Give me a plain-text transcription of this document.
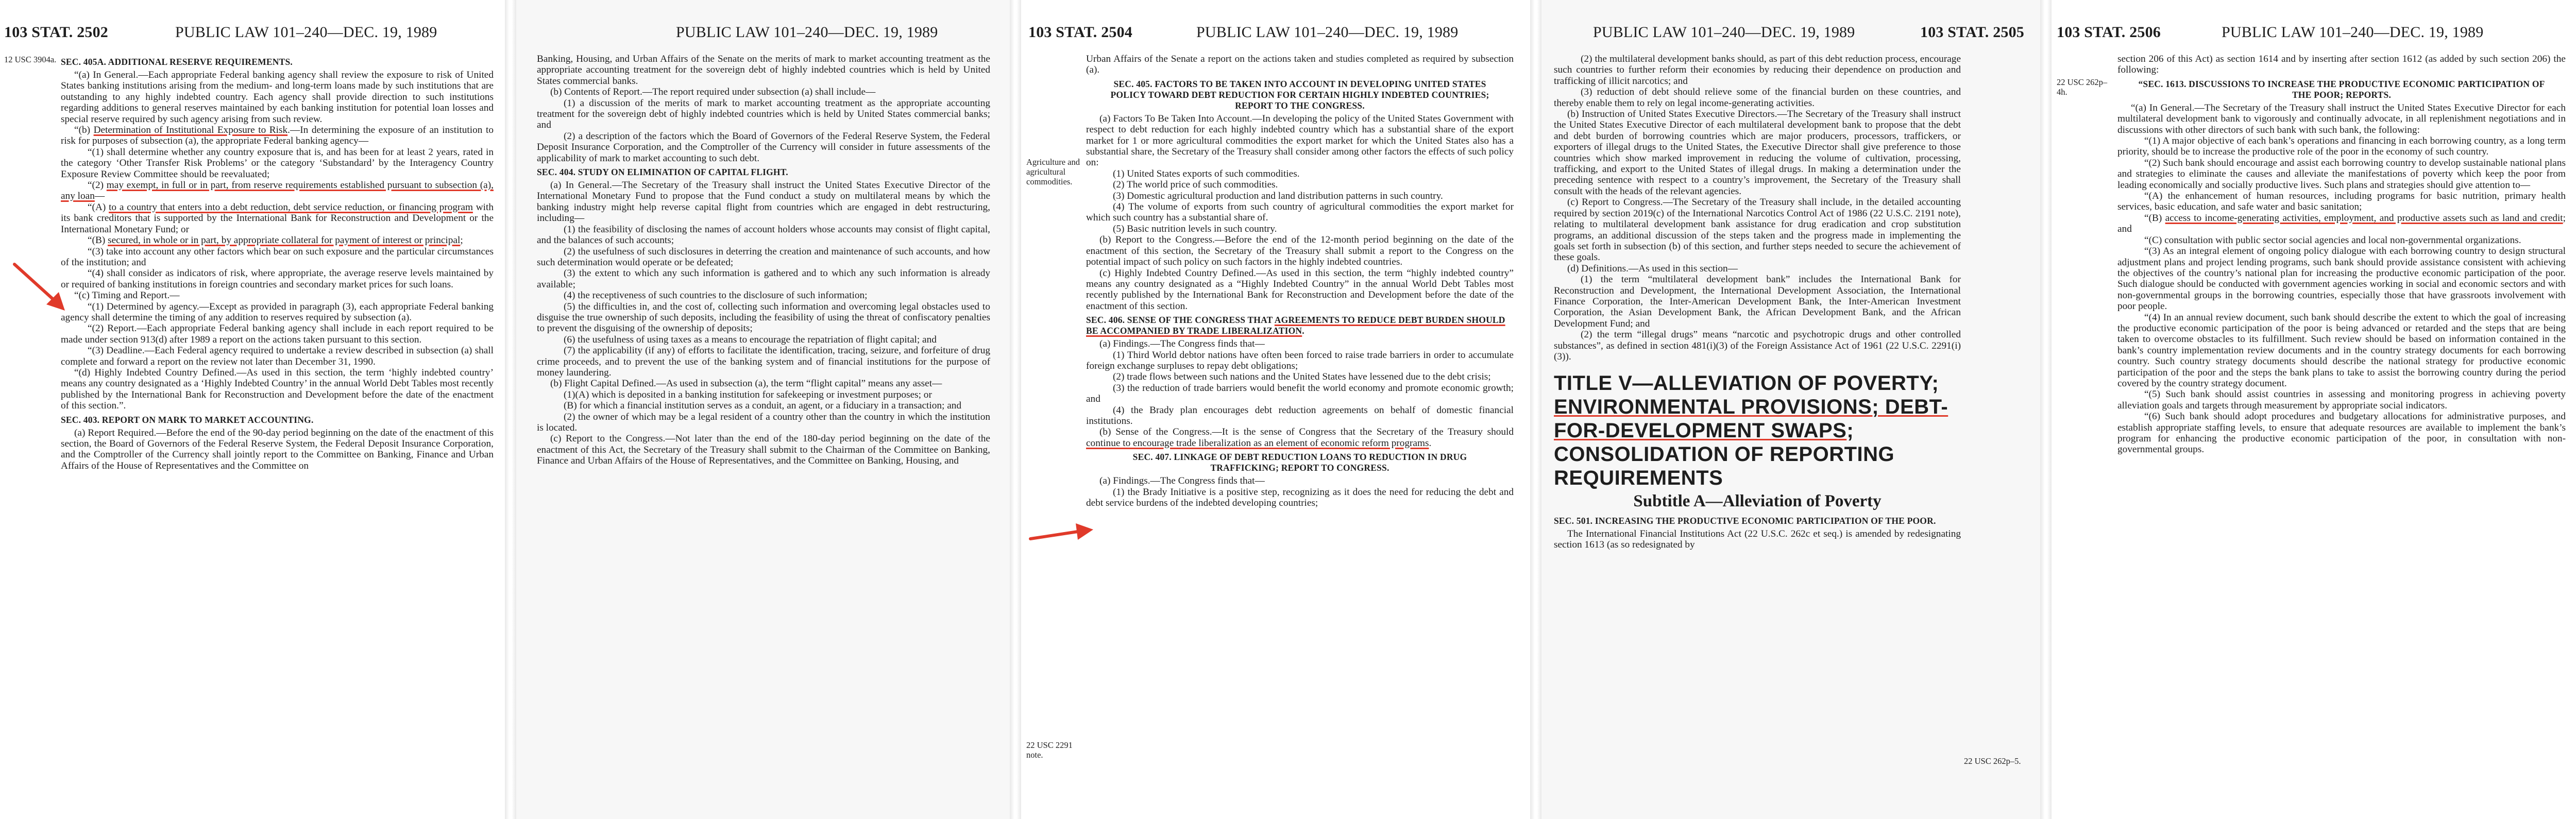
103 STAT. 2502	PUBLIC LAW 101–240—DEC. 19, 1989
12 USC 3904a. SEC. 405A. ADDITIONAL RESERVE REQUIREMENTS.

“(a) In General.—Each appropriate Federal banking agency shall review the exposure to risk of United States banking institutions arising from the medium- and long-term loans made by such institutions that are outstanding to any highly indebted country. Each agency shall provide direction to such institutions regarding additions to general reserves maintained by each banking institution for potential loan losses and special reserve required by such agency arising from such review.

“(b) Determination of Institutional Exposure to Risk.—In determining the exposure of an institution to risk for purposes of subsection (a), the appropriate Federal banking agency—

“(1) shall determine whether any country exposure that is, and has been for at least 2 years, rated in the category ‘Other Transfer Risk Problems’ or the category ‘Substandard’ by the Interagency Country Exposure Review Committee should be reevaluated;

“(2) may exempt, in full or in part, from reserve requirements established pursuant to subsection (a), any loan—

“(A) to a country that enters into a debt reduction, debt service reduction, or financing program with its bank creditors that is supported by the International Bank for Reconstruction and Development or the International Monetary Fund; or

“(B) secured, in whole or in part, by appropriate collateral for payment of interest or principal;

“(3) take into account any other factors which bear on such exposure and the particular circumstances of the institution; and

“(4) shall consider as indicators of risk, where appropriate, the average reserve levels maintained by or required of banking institutions in foreign countries and secondary market prices for such loans.

“(c) Timing and Report.—

“(1) Determined by agency.—Except as provided in paragraph (3), each appropriate Federal banking agency shall determine the timing of any addition to reserves required by subsection (a).

“(2) Report.—Each appropriate Federal banking agency shall include in each report required to be made under section 913(d) after 1989 a report on the actions taken pursuant to this section.

“(3) Deadline.—Each Federal agency required to undertake a review described in subsection (a) shall complete and forward a report on the review not later than December 31, 1990.

“(d) Highly Indebted Country Defined.—As used in this section, the term ‘highly indebted country’ means any country designated as a ‘Highly Indebted Country’ in the annual World Debt Tables most recently published by the International Bank for Reconstruction and Development before the date of the enactment of this section.”.

SEC. 403. REPORT ON MARK TO MARKET ACCOUNTING.

(a) Report Required.—Before the end of the 90-day period beginning on the date of the enactment of this section, the Board of Governors of the Federal Reserve System, the Federal Deposit Insurance Corporation, and the Comptroller of the Currency shall jointly report to the Committee on Banking, Finance and Urban Affairs of the House of Representatives and the Committee on

PUBLIC LAW 101–240—DEC. 19, 1989

Banking, Housing, and Urban Affairs of the Senate on the merits of mark to market accounting treatment as the appropriate accounting treatment for the sovereign debt of highly indebted countries which is held by United States commercial banks.

(b) Contents of Report.—The report required under subsection (a) shall include—

(1) a discussion of the merits of mark to market accounting treatment as the appropriate accounting treatment for the sovereign debt of highly indebted countries which is held by United States commercial banks; and

(2) a description of the factors which the Board of Governors of the Federal Reserve System, the Federal Deposit Insurance Corporation, and the Comptroller of the Currency will consider in future assessments of the applicability of mark to market accounting to such debt.

SEC. 404. STUDY ON ELIMINATION OF CAPITAL FLIGHT.

(a) In General.—The Secretary of the Treasury shall instruct the United States Executive Director of the International Monetary Fund to propose that the Fund conduct a study on multilateral means by which the banking industry might help reverse capital flight from countries which are engaged in debt restructuring, including—

(1) the feasibility of disclosing the names of account holders whose accounts may consist of flight capital, and the balances of such accounts;

(2) the usefulness of such disclosures in deterring the creation and maintenance of such accounts, and how such determination would operate or be defeated;

(3) the extent to which any such information is gathered and to which any such information is already available;

(4) the receptiveness of such countries to the disclosure of such information;

(5) the difficulties in, and the cost of, collecting such information and overcoming legal obstacles used to disguise the true ownership of such deposits, including the feasibility of using the threat of confiscatory penalties to prevent the disguising of the ownership of deposits;

(6) the usefulness of using taxes as a means to encourage the repatriation of flight capital; and

(7) the applicability (if any) of efforts to facilitate the identification, tracing, seizure, and forfeiture of drug crime proceeds, and to prevent the use of the banking system and of financial institutions for the purpose of money laundering.

(b) Flight Capital Defined.—As used in subsection (a), the term “flight capital” means any asset—

(1)(A) which is deposited in a banking institution for safekeeping or investment purposes; or

(B) for which a financial institution serves as a conduit, an agent, or a fiduciary in a transaction; and

(2) the owner of which may be a legal resident of a country other than the country in which the institution is located.

(c) Report to the Congress.—Not later than the end of the 180-day period beginning on the date of the enactment of this Act, the Secretary of the Treasury shall submit to the Chairman of the Committee on Banking, Finance and Urban Affairs of the House of Representatives, and the Committee on Banking, Housing, and

103 STAT. 2504	PUBLIC LAW 101–240—DEC. 19, 1989
Agriculture and agricultural commodities.
22 USC 2291 note.

Urban Affairs of the Senate a report on the actions taken and studies completed as required by subsection (a).

SEC. 405. FACTORS TO BE TAKEN INTO ACCOUNT IN DEVELOPING UNITED STATES POLICY TOWARD DEBT REDUCTION FOR CERTAIN HIGHLY INDEBTED COUNTRIES; REPORT TO THE CONGRESS.

(a) Factors To Be Taken Into Account.—In developing the policy of the United States Government with respect to debt reduction for each highly indebted country which has a substantial share of the export market for 1 or more agricultural commodities the export market for which the United States also has a substantial share, the Secretary of the Treasury shall consider among other factors the effects of such policy on:

(1) United States exports of such commodities.

(2) The world price of such commodities.

(3) Domestic agricultural production and land distribution patterns in such country.

(4) The volume of exports from such country of agricultural commodities the export market for which such country has a substantial share of.

(5) Basic nutrition levels in such country.

(b) Report to the Congress.—Before the end of the 12-month period beginning on the date of the enactment of this section, the Secretary of the Treasury shall submit a report to the Congress on the potential impact of such policy on such factors in the highly indebted countries.

(c) Highly Indebted Country Defined.—As used in this section, the term “highly indebted country” means any country designated as a “Highly Indebted Country” in the annual World Debt Tables most recently published by the International Bank for Reconstruction and Development before the date of the enactment of this section.

SEC. 406. SENSE OF THE CONGRESS THAT AGREEMENTS TO REDUCE DEBT BURDEN SHOULD BE ACCOMPANIED BY TRADE LIBERALIZATION.

(a) Findings.—The Congress finds that—

(1) Third World debtor nations have often been forced to raise trade barriers in order to accumulate foreign exchange surpluses to repay debt obligations;

(2) trade flows between such nations and the United States have lessened due to the debt crisis;

(3) the reduction of trade barriers would benefit the world economy and promote economic growth; and

(4) the Brady plan encourages debt reduction agreements on behalf of domestic financial institutions.

(b) Sense of the Congress.—It is the sense of Congress that the Secretary of the Treasury should continue to encourage trade liberalization as an element of economic reform programs.

SEC. 407. LINKAGE OF DEBT REDUCTION LOANS TO REDUCTION IN DRUG TRAFFICKING; REPORT TO CONGRESS.

(a) Findings.—The Congress finds that—

(1) the Brady Initiative is a positive step, recognizing as it does the need for reducing the debt and debt service burdens of the indebted developing countries;

PUBLIC LAW 101–240—DEC. 19, 1989	103 STAT. 2505
22 USC 262p–5.

(2) the multilateral development banks should, as part of this debt reduction process, encourage such countries to further reform their economies by reducing their dependence on production and trafficking of illicit narcotics; and

(3) reduction of debt should relieve some of the financial burden on these countries, and thereby enable them to rely on legal income-generating activities.

(b) Instruction of United States Executive Directors.—The Secretary of the Treasury shall instruct the United States Executive Director of each multilateral development bank to propose that the debt and debt burden of borrowing countries which are major producers, processors, traffickers, or exporters of illegal drugs to the United States, the Executive Director shall give preference to those countries which show marked improvement in reducing the volume of cultivation, processing, trafficking, and export to the United States of illegal drugs. In making a determination under the preceding sentence with respect to a country’s improvement, the Secretary of the Treasury shall consult with the heads of the relevant agencies.

(c) Report to Congress.—The Secretary of the Treasury shall include, in the detailed accounting required by section 2019(c) of the International Narcotics Control Act of 1986 (22 U.S.C. 2191 note), relating to multilateral development bank assistance for drug eradication and crop substitution programs, an additional discussion of the steps taken and the progress made in implementing the goals set forth in subsection (b) of this section, and further steps needed to secure the achievement of these goals.

(d) Definitions.—As used in this section—

(1) the term “multilateral development bank” includes the International Bank for Reconstruction and Development, the International Development Association, the International Finance Corporation, the Inter-American Development Bank, the Inter-American Investment Corporation, the Asian Development Bank, the African Development Bank, and the African Development Fund; and

(2) the term “illegal drugs” means “narcotic and psychotropic drugs and other controlled substances”, as defined in section 481(i)(3) of the Foreign Assistance Act of 1961 (22 U.S.C. 2291(i)(3)).

TITLE V—ALLEVIATION OF POVERTY; ENVIRONMENTAL PROVISIONS; DEBT-FOR-DEVELOPMENT SWAPS; CONSOLIDATION OF REPORTING REQUIREMENTS
Subtitle A—Alleviation of Poverty
SEC. 501. INCREASING THE PRODUCTIVE ECONOMIC PARTICIPATION OF THE POOR.

The International Financial Institutions Act (22 U.S.C. 262c et seq.) is amended by redesignating section 1613 (as so redesignated by

103 STAT. 2506	PUBLIC LAW 101–240—DEC. 19, 1989
22 USC 262p–4h.

section 206 of this Act) as section 1614 and by inserting after section 1612 (as added by such section 206) the following:

“SEC. 1613. DISCUSSIONS TO INCREASE THE PRODUCTIVE ECONOMIC PARTICIPATION OF THE POOR; REPORTS.

“(a) In General.—The Secretary of the Treasury shall instruct the United States Executive Director for each multilateral development bank to vigorously and continually advocate, in all replenishment negotiations and in discussions with other directors of such bank with such bank, the following:

“(1) A major objective of each bank’s operations and financing in each borrowing country, as a long term priority, should be to increase the productive role of the poor in the economy of such country.

“(2) Such bank should encourage and assist each borrowing country to develop sustainable national plans and strategies to eliminate the causes and alleviate the manifestations of poverty which keep the poor from leading economically and socially productive lives. Such plans and strategies should give attention to—

“(A) the enhancement of human resources, including programs for basic nutrition, primary health services, basic education, and safe water and basic sanitation;

“(B) access to income-generating activities, employment, and productive assets such as land and credit; and

“(C) consultation with public sector social agencies and local non-governmental organizations.

“(3) As an integral element of ongoing policy dialogue with each borrowing country to design structural adjustment plans and project lending programs, such bank should provide assistance consistent with achieving the objectives of the country’s national plan for increasing the productive economic participation of the poor. Such dialogue should be conducted with government agencies working in social and economic sectors and with non-governmental groups in the borrowing countries, especially those that have grassroots involvement with poor people.

“(4) In an annual review document, such bank should describe the extent to which the goal of increasing the productive economic participation of the poor is being advanced or retarded and the steps that are being taken to overcome obstacles to its fulfillment. Such review should be based on information contained in the bank’s country implementation review documents and in the country strategy documents for each borrowing country. Such country strategy documents should describe the national strategy for productive economic participation of the poor and the steps the bank plans to take to assist the borrowing country during the period covered by the country strategy document.

“(5) Such bank should assist countries in assessing and monitoring progress in achieving poverty alleviation goals and targets through measurement by appropriate social indicators.

“(6) Such bank should adopt procedures and budgetary allocations for administrative purposes, and establish appropriate staffing levels, to ensure that adequate resources are available to implement the bank’s program for enhancing the productive economic participation of the poor, in consultation with non-governmental groups.
